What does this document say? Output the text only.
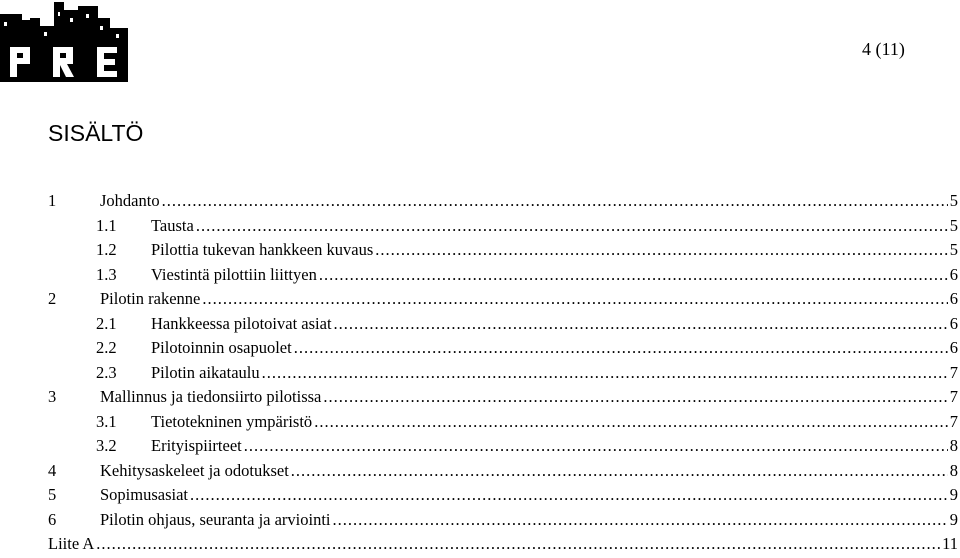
4 (11)
SISÄLTÖ
1	Johdanto .....	5
1.1	Tausta .....	5
1.2	Pilottia tukevan hankkeen kuvaus .....	5
1.3	Viestintä pilottiin liittyen .....	6
2	Pilotin rakenne .....	6
2.1	Hankkeessa pilotoivat asiat .....	6
2.2	Pilotoinnin osapuolet .....	6
2.3	Pilotin aikataulu .....	7
3	Mallinnus ja tiedonsiirto pilotissa .....	7
3.1	Tietotekninen ympäristö .....	7
3.2	Erityispiirteet .....	8
4	Kehitysaskeleet ja odotukset .....	8
5	Sopimusasiat .....	9
6	Pilotin ohjaus, seuranta ja arviointi .....	9
Liite A .....	11
